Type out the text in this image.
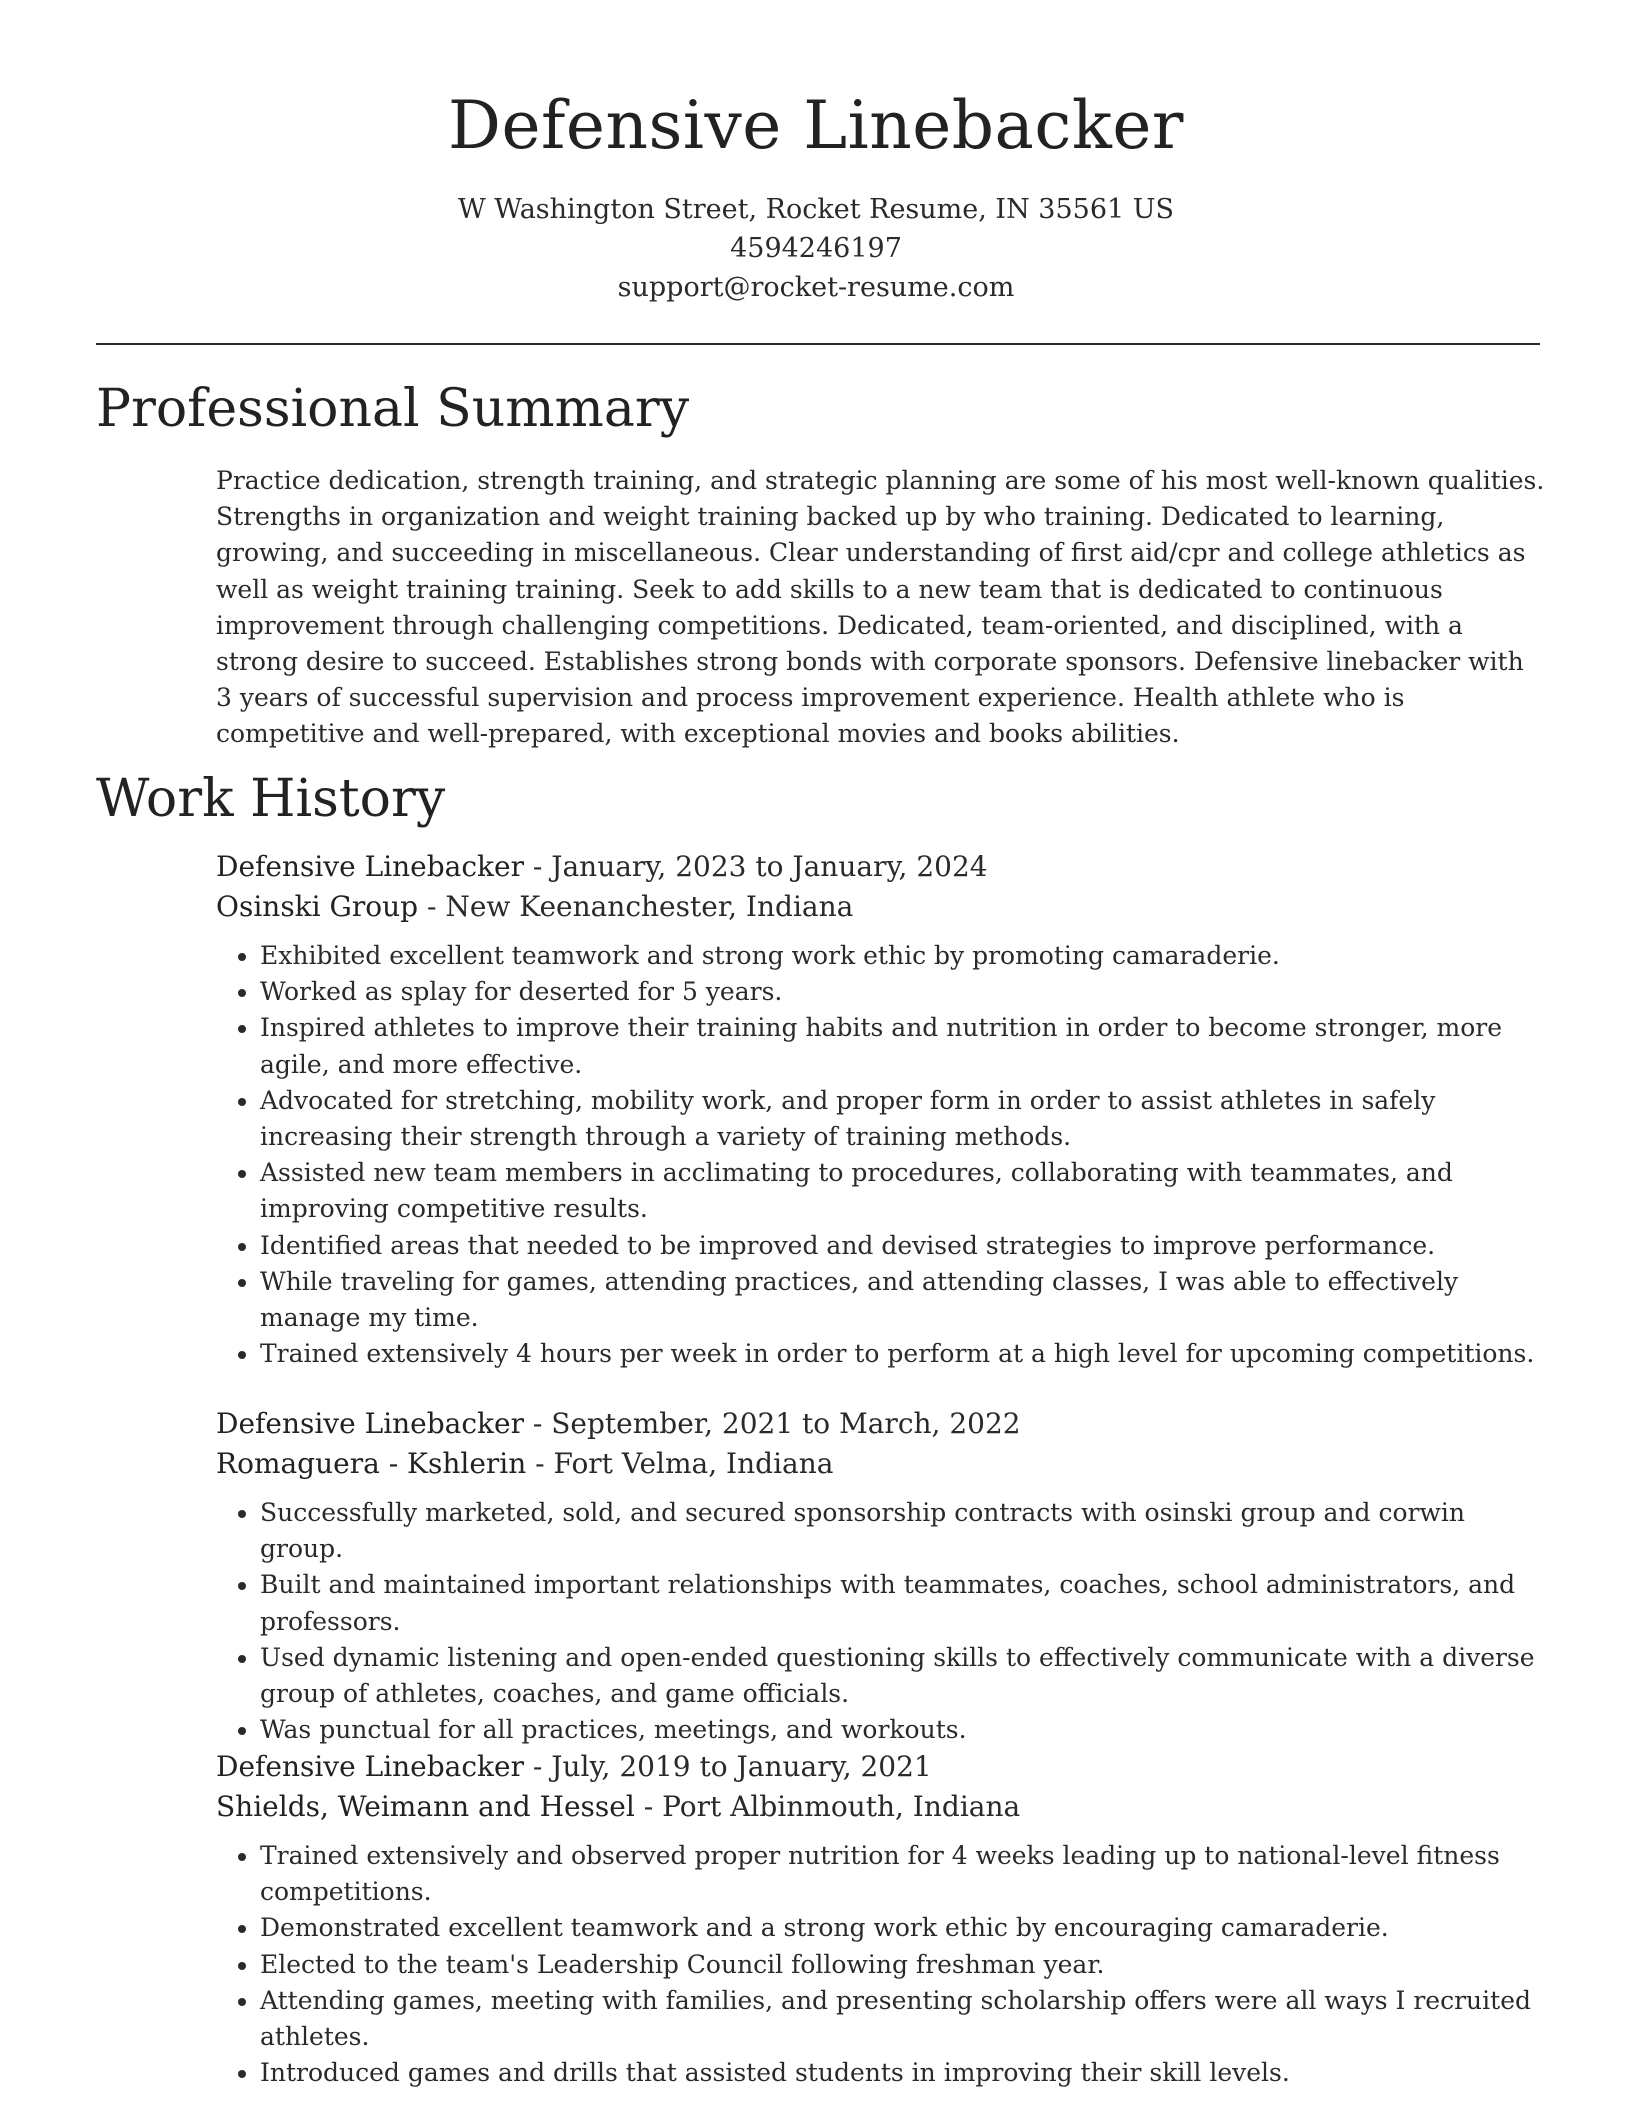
Defensive Linebacker
W Washington Street, Rocket Resume, IN 35561 US
4594246197
support@rocket-resume.com
Professional Summary

Practice dedication, strength training, and strategic planning are some of his most well-known qualities. Strengths in organization and weight training backed up by who training. Dedicated to learning, growing, and succeeding in miscellaneous. Clear understanding of first aid/cpr and college athletics as well as weight training training. Seek to add skills to a new team that is dedicated to continuous improvement through challenging competitions. Dedicated, team-oriented, and disciplined, with a strong desire to succeed. Establishes strong bonds with corporate sponsors. Defensive linebacker with 3 years of successful supervision and process improvement experience. Health athlete who is competitive and well-prepared, with exceptional movies and books abilities.

Work History
Defensive Linebacker - January, 2023 to January, 2024
Osinski Group - New Keenanchester, Indiana
• Exhibited excellent teamwork and strong work ethic by promoting camaraderie.
• Worked as splay for deserted for 5 years.
• Inspired athletes to improve their training habits and nutrition in order to become stronger, more agile, and more effective.
• Advocated for stretching, mobility work, and proper form in order to assist athletes in safely increasing their strength through a variety of training methods.
• Assisted new team members in acclimating to procedures, collaborating with teammates, and improving competitive results.
• Identified areas that needed to be improved and devised strategies to improve performance.
• While traveling for games, attending practices, and attending classes, I was able to effectively manage my time.
• Trained extensively 4 hours per week in order to perform at a high level for upcoming competitions.
Defensive Linebacker - September, 2021 to March, 2022
Romaguera - Kshlerin - Fort Velma, Indiana
• Successfully marketed, sold, and secured sponsorship contracts with osinski group and corwin group.
• Built and maintained important relationships with teammates, coaches, school administrators, and professors.
• Used dynamic listening and open-ended questioning skills to effectively communicate with a diverse group of athletes, coaches, and game officials.
• Was punctual for all practices, meetings, and workouts.
Defensive Linebacker - July, 2019 to January, 2021
Shields, Weimann and Hessel - Port Albinmouth, Indiana
• Trained extensively and observed proper nutrition for 4 weeks leading up to national-level fitness competitions.
• Demonstrated excellent teamwork and a strong work ethic by encouraging camaraderie.
• Elected to the team's Leadership Council following freshman year.
• Attending games, meeting with families, and presenting scholarship offers were all ways I recruited athletes.
• Introduced games and drills that assisted students in improving their skill levels.
